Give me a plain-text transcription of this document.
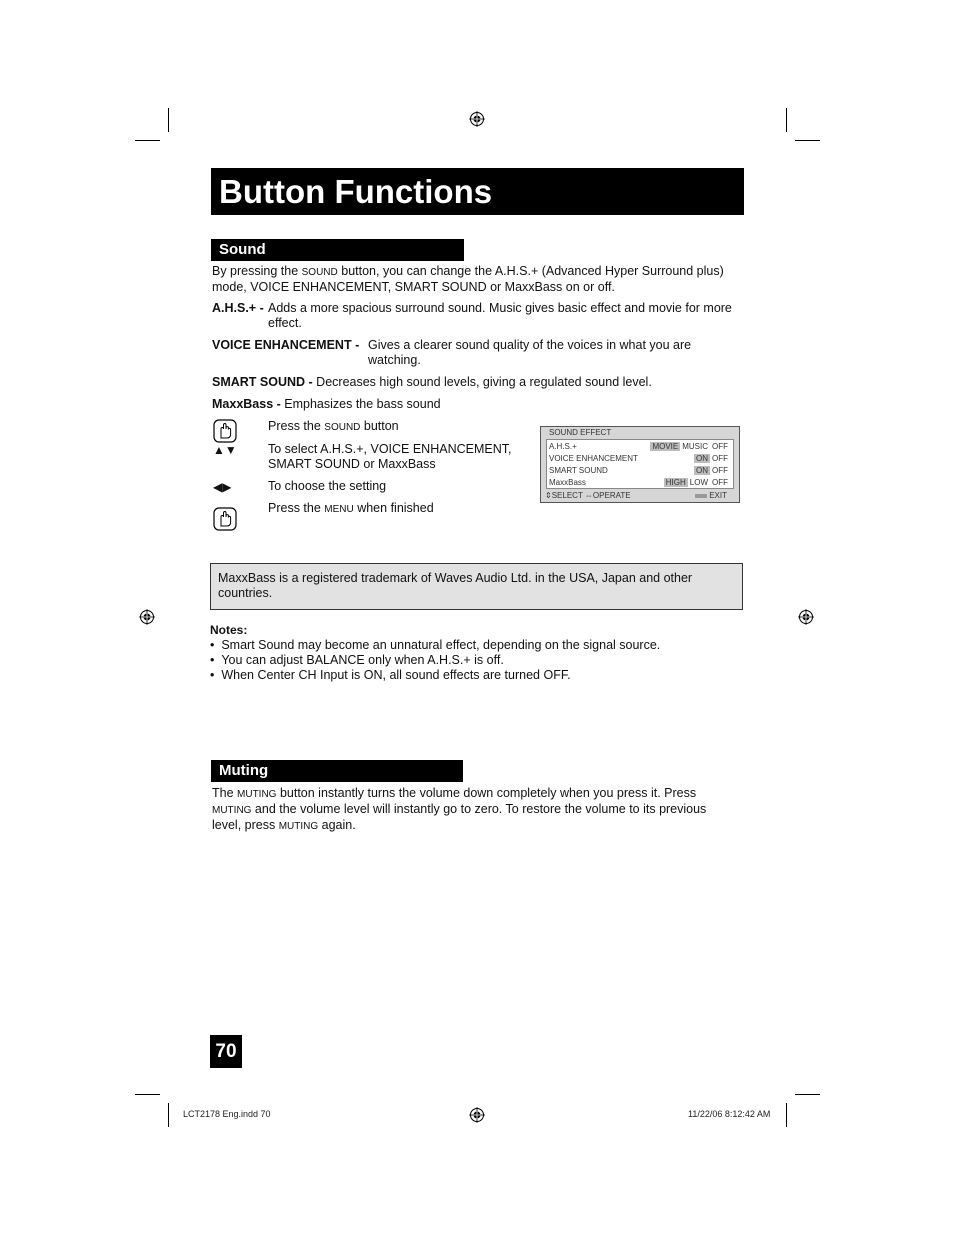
Button Functions
Sound
By pressing the SOUND button, you can change the A.H.S.+ (Advanced Hyper Surround plus)
mode, VOICE ENHANCEMENT, SMART SOUND or MaxxBass on or off.
A.H.S.+ - Adds a more spacious surround sound. Music gives basic effect and movie for more
effect.
VOICE ENHANCEMENT - Gives a clearer sound quality of the voices in what you are
watching.
SMART SOUND - Decreases high sound levels, giving a regulated sound level.
MaxxBass - Emphasizes the bass sound
Press the SOUND button
▲▼ To select A.H.S.+, VOICE ENHANCEMENT,
SMART SOUND or MaxxBass
◀▶	To choose the setting
Press the MENU when finished
SOUND EFFECT
A.H.S.+	MOVIE MUSIC OFF
VOICE ENHANCEMENT	ON OFF
SMART SOUND	ON OFF
MaxxBass	HIGH LOW OFF
⇕SELECT ⇔OPERATE	EXIT
MaxxBass is a registered trademark of Waves Audio Ltd. in the USA, Japan and other
countries.
Notes:
•  Smart Sound may become an unnatural effect, depending on the signal source.
•  You can adjust BALANCE only when A.H.S.+ is off.
•  When Center CH Input is ON, all sound effects are turned OFF.
Muting
The MUTING button instantly turns the volume down completely when you press it. Press
MUTING and the volume level will instantly go to zero. To restore the volume to its previous
level, press MUTING again.
70
LCT2178 Eng.indd 70	11/22/06 8:12:42 AM
